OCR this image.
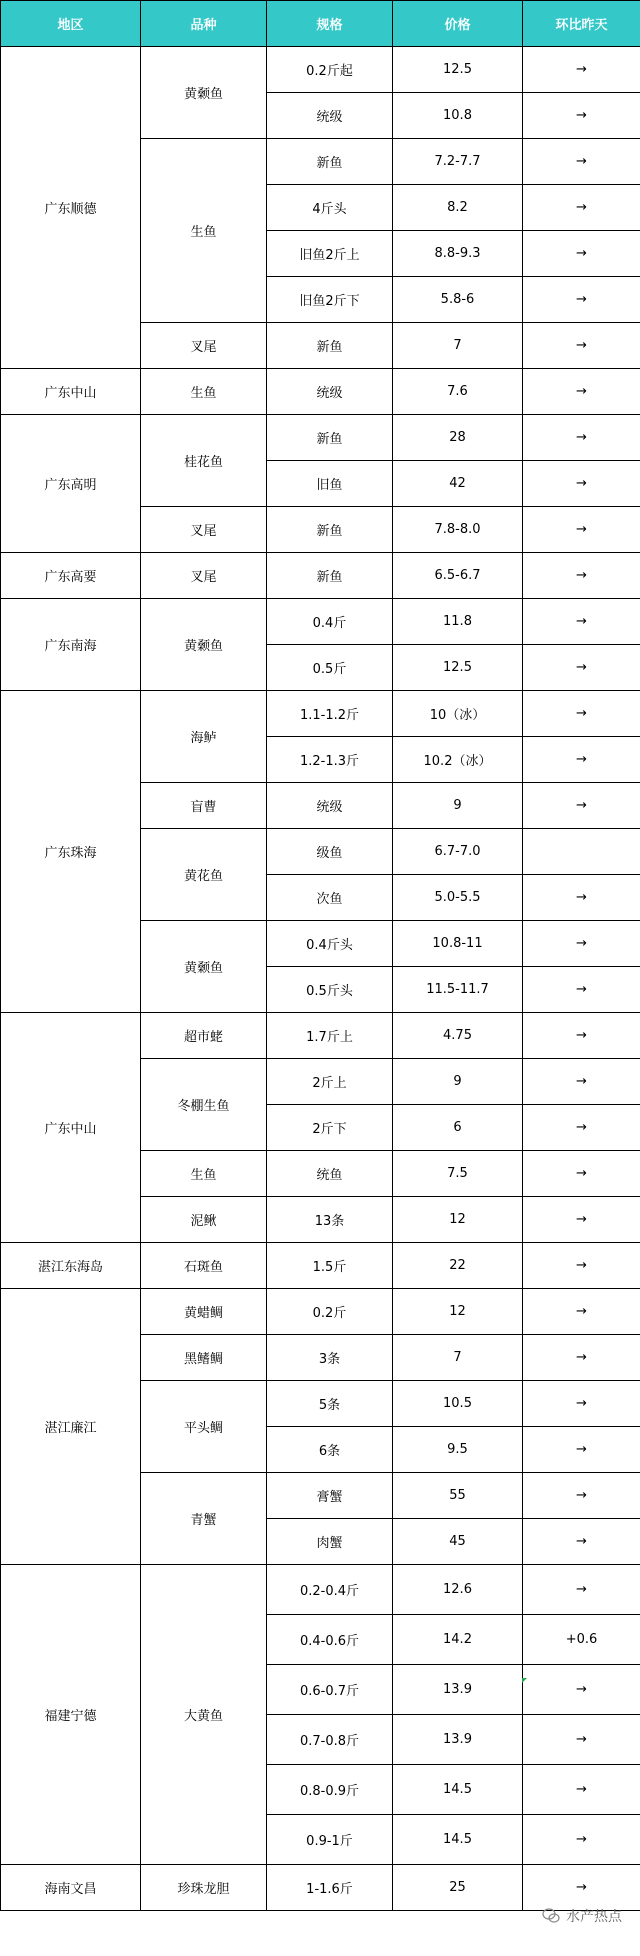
地区	品种	规格	价格	环比昨天
广东顺德	黄颡鱼	0.2斤起	12.5	→
		统级	10.8	→
	生鱼	新鱼	7.2-7.7	→
		4斤头	8.2	→
		旧鱼2斤上	8.8-9.3	→
		旧鱼2斤下	5.8-6	→
	叉尾	新鱼	7	→
广东中山	生鱼	统级	7.6	→
广东高明	桂花鱼	新鱼	28	→
		旧鱼	42	→
	叉尾	新鱼	7.8-8.0	→
广东高要	叉尾	新鱼	6.5-6.7	→
广东南海	黄颡鱼	0.4斤	11.8	→
		0.5斤	12.5	→
广东珠海	海鲈	1.1-1.2斤	10（冰）	→
		1.2-1.3斤	10.2（冰）	→
	盲曹	统级	9	→
	黄花鱼	级鱼	6.7-7.0	
		次鱼	5.0-5.5	→
	黄颡鱼	0.4斤头	10.8-11	→
		0.5斤头	11.5-11.7	→
广东中山	超市蛯	1.7斤上	4.75	→
	冬棚生鱼	2斤上	9	→
		2斤下	6	→
	生鱼	统鱼	7.5	→
	泥鳅	13条	12	→
湛江东海岛	石斑鱼	1.5斤	22	→
湛江廉江	黄蜡鲷	0.2斤	12	→
	黑鳍鲷	3条	7	→
	平头鲷	5条	10.5	→
		6条	9.5	→
	青蟹	膏蟹	55	→
		肉蟹	45	→
福建宁德	大黄鱼	0.2-0.4斤	12.6	→
		0.4-0.6斤	14.2	+0.6
		0.6-0.7斤	13.9	→
		0.7-0.8斤	13.9	→
		0.8-0.9斤	14.5	→
		0.9-1斤	14.5	→
海南文昌	珍珠龙胆	1-1.6斤	25	→
水产热点
